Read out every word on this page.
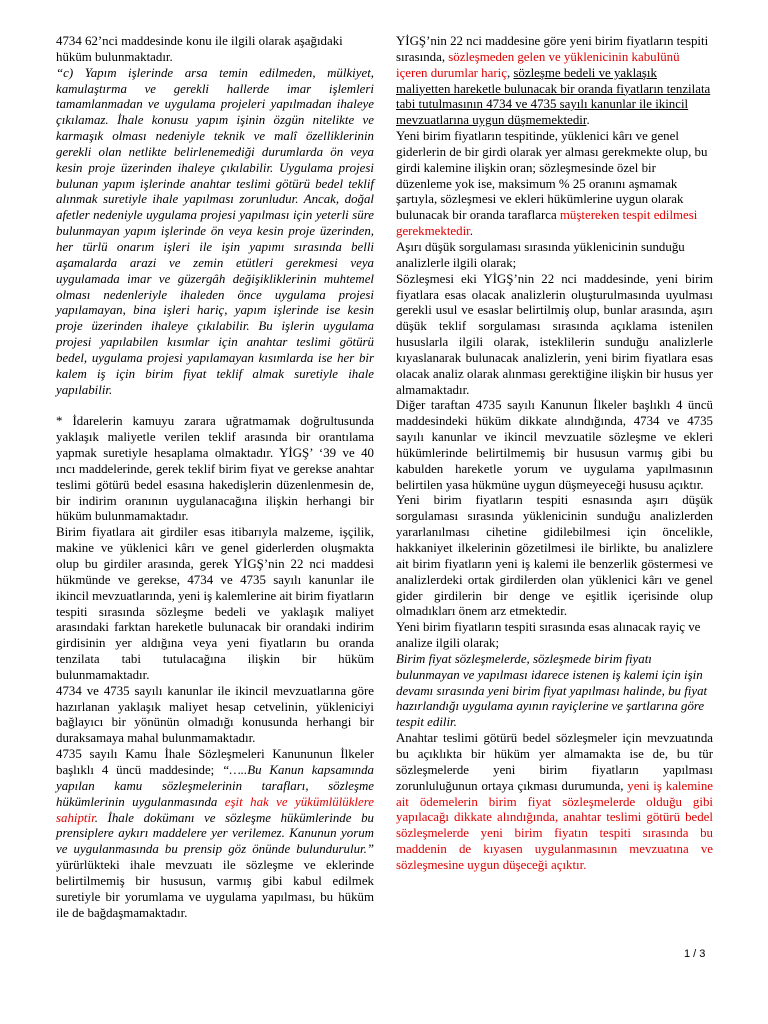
4734 62’nci maddesinde konu ile ilgili olarak aşağıdaki hüküm bulunmaktadır.

“c) Yapım işlerinde arsa temin edilmeden, mülkiyet, kamulaştırma ve gerekli hallerde imar işlemleri tamamlanmadan ve uygulama projeleri yapılmadan ihaleye çıkılamaz. İhale konusu yapım işinin özgün nitelikte ve karmaşık olması nedeniyle teknik ve malî özelliklerinin gerekli olan netlikte belirlenemediği durumlarda ön veya kesin proje üzerinden ihaleye çıkılabilir. Uygulama projesi bulunan yapım işlerinde anahtar teslimi götürü bedel teklif alınmak suretiyle ihale yapılması zorunludur. Ancak, doğal afetler nedeniyle uygulama projesi yapılması için yeterli süre bulunmayan yapım işlerinde ön veya kesin proje üzerinden, her türlü onarım işleri ile işin yapımı sırasında belli aşamalarda arazi ve zemin etütleri gerekmesi veya uygulamada imar ve güzergâh değişikliklerinin muhtemel olması nedenleriyle ihaleden önce uygulama projesi yapılamayan, bina işleri hariç, yapım işlerinde ise kesin proje üzerinden ihaleye çıkılabilir. Bu işlerin uygulama projesi yapılabilen kısımlar için anahtar teslimi götürü bedel, uygulama projesi yapılamayan kısımlarda ise her bir kalem iş için birim fiyat teklif almak suretiyle ihale yapılabilir.

* İdarelerin kamuyu zarara uğratmamak doğrultusunda yaklaşık maliyetle verilen teklif arasında bir orantılama yapmak suretiyle hesaplama olmaktadır. YİGŞ’ ‘39 ve 40 ıncı maddelerinde, gerek teklif birim fiyat ve gerekse anahtar teslimi götürü bedel esasına hakedişlerin düzenlenmesin de, bir indirim oranının uygulanacağına ilişkin herhangi bir hüküm bulunmamaktadır.

Birim fiyatlara ait girdiler esas itibarıyla malzeme, işçilik, makine ve yüklenici kârı ve genel giderlerden oluşmakta olup bu girdiler arasında, gerek YİGŞ’nin 22 nci maddesi hükmünde ve gerekse, 4734 ve 4735 sayılı kanunlar ile ikincil mevzuatlarında, yeni iş kalemlerine ait birim fiyatların tespiti sırasında sözleşme bedeli ve yaklaşık maliyet arasındaki farktan hareketle bulunacak bir orandaki indirim girdisinin yer aldığına veya yeni fiyatların bu oranda tenzilata tabi tutulacağına ilişkin bir hüküm bulunmamaktadır.

4734 ve 4735 sayılı kanunlar ile ikincil mevzuatlarına göre hazırlanan yaklaşık maliyet hesap cetvelinin, yükleniciyi bağlayıcı bir yönünün olmadığı konusunda herhangi bir duraksamaya mahal bulunmamaktadır.

4735 sayılı Kamu İhale Sözleşmeleri Kanununun İlkeler başlıklı 4 üncü maddesinde; “…..Bu Kanun kapsamında yapılan kamu sözleşmelerinin tarafları, sözleşme hükümlerinin uygulanmasında eşit hak ve yükümlülüklere sahiptir. İhale dokümanı ve sözleşme hükümlerinde bu prensiplere aykırı maddelere yer verilemez. Kanunun yorum ve uygulanmasında bu prensip göz önünde bulundurulur.” yürürlükteki ihale mevzuatı ile sözleşme ve eklerinde belirtilmemiş bir hususun, varmış gibi kabul edilmek suretiyle bir yorumlama ve uygulama yapılması, bu hüküm ile de bağdaşmamaktadır.

YİGŞ’nin 22 nci maddesine göre yeni birim fiyatların tespiti sırasında, sözleşmeden gelen ve yüklenicinin kabulünü içeren durumlar hariç, sözleşme bedeli ve yaklaşık maliyetten hareketle bulunacak bir oranda fiyatların tenzilata tabi tutulmasının 4734 ve 4735 sayılı kanunlar ile ikincil mevzuatlarına uygun düşmemektedir.

Yeni birim fiyatların tespitinde, yüklenici kârı ve genel giderlerin de bir girdi olarak yer alması gerekmekte olup, bu girdi kalemine ilişkin oran; sözleşmesinde özel bir düzenleme yok ise, maksimum % 25 oranını aşmamak şartıyla, sözleşmesi ve ekleri hükümlerine uygun olarak bulunacak bir oranda taraflarca müştereken tespit edilmesi gerekmektedir.

Aşırı düşük sorgulaması sırasında yüklenicinin sunduğu analizlerle ilgili olarak;

Sözleşmesi eki YİGŞ’nin 22 nci maddesinde, yeni birim fiyatlara esas olacak analizlerin oluşturulmasında uyulması gerekli usul ve esaslar belirtilmiş olup, bunlar arasında, aşırı düşük teklif sorgulaması sırasında açıklama istenilen hususlarla ilgili olarak, isteklilerin sunduğu analizlerle kıyaslanarak bulunacak analizlerin, yeni birim fiyatlara esas olacak analiz olarak alınması gerektiğine ilişkin bir husus yer almamaktadır.

Diğer taraftan 4735 sayılı Kanunun İlkeler başlıklı 4 üncü maddesindeki hüküm dikkate alındığında, 4734 ve 4735 sayılı kanunlar ve ikincil mevzuatile sözleşme ve ekleri hükümlerinde belirtilmemiş bir hususun varmış gibi bu kabulden hareketle yorum ve uygulama yapılmasının belirtilen yasa hükmüne uygun düşmeyeceği hususu açıktır.

Yeni birim fiyatların tespiti esnasında aşırı düşük sorgulaması sırasında yüklenicinin sunduğu analizlerden yararlanılması cihetine gidilebilmesi için öncelikle, hakkaniyet ilkelerinin gözetilmesi ile birlikte, bu analizlere ait birim fiyatların yeni iş kalemi ile benzerlik göstermesi ve analizlerdeki ortak girdilerden olan yüklenici kârı ve genel gider girdilerin bir denge ve eşitlik içerisinde olup olmadıkları önem arz etmektedir.

Yeni birim fiyatların tespiti sırasında esas alınacak rayiç ve analize ilgili olarak;

Birim fiyat sözleşmelerde, sözleşmede birim fiyatı bulunmayan ve yapılması idarece istenen iş kalemi için işin devamı sırasında yeni birim fiyat yapılması halinde, bu fiyat hazırlandığı uygulama ayının rayiçlerine ve şartlarına göre tespit edilir.

Anahtar teslimi götürü bedel sözleşmeler için mevzuatında bu açıklıkta bir hüküm yer almamakta ise de, bu tür sözleşmelerde yeni birim fiyatların yapılması zorunluluğunun ortaya çıkması durumunda, yeni iş kalemine ait ödemelerin birim fiyat sözleşmelerde olduğu gibi yapılacağı dikkate alındığında, anahtar teslimi götürü bedel sözleşmelerde yeni birim fiyatın tespiti sırasında bu maddenin de kıyasen uygulanmasının mevzuatına ve sözleşmesine uygun düşeceği açıktır.

1 / 3
